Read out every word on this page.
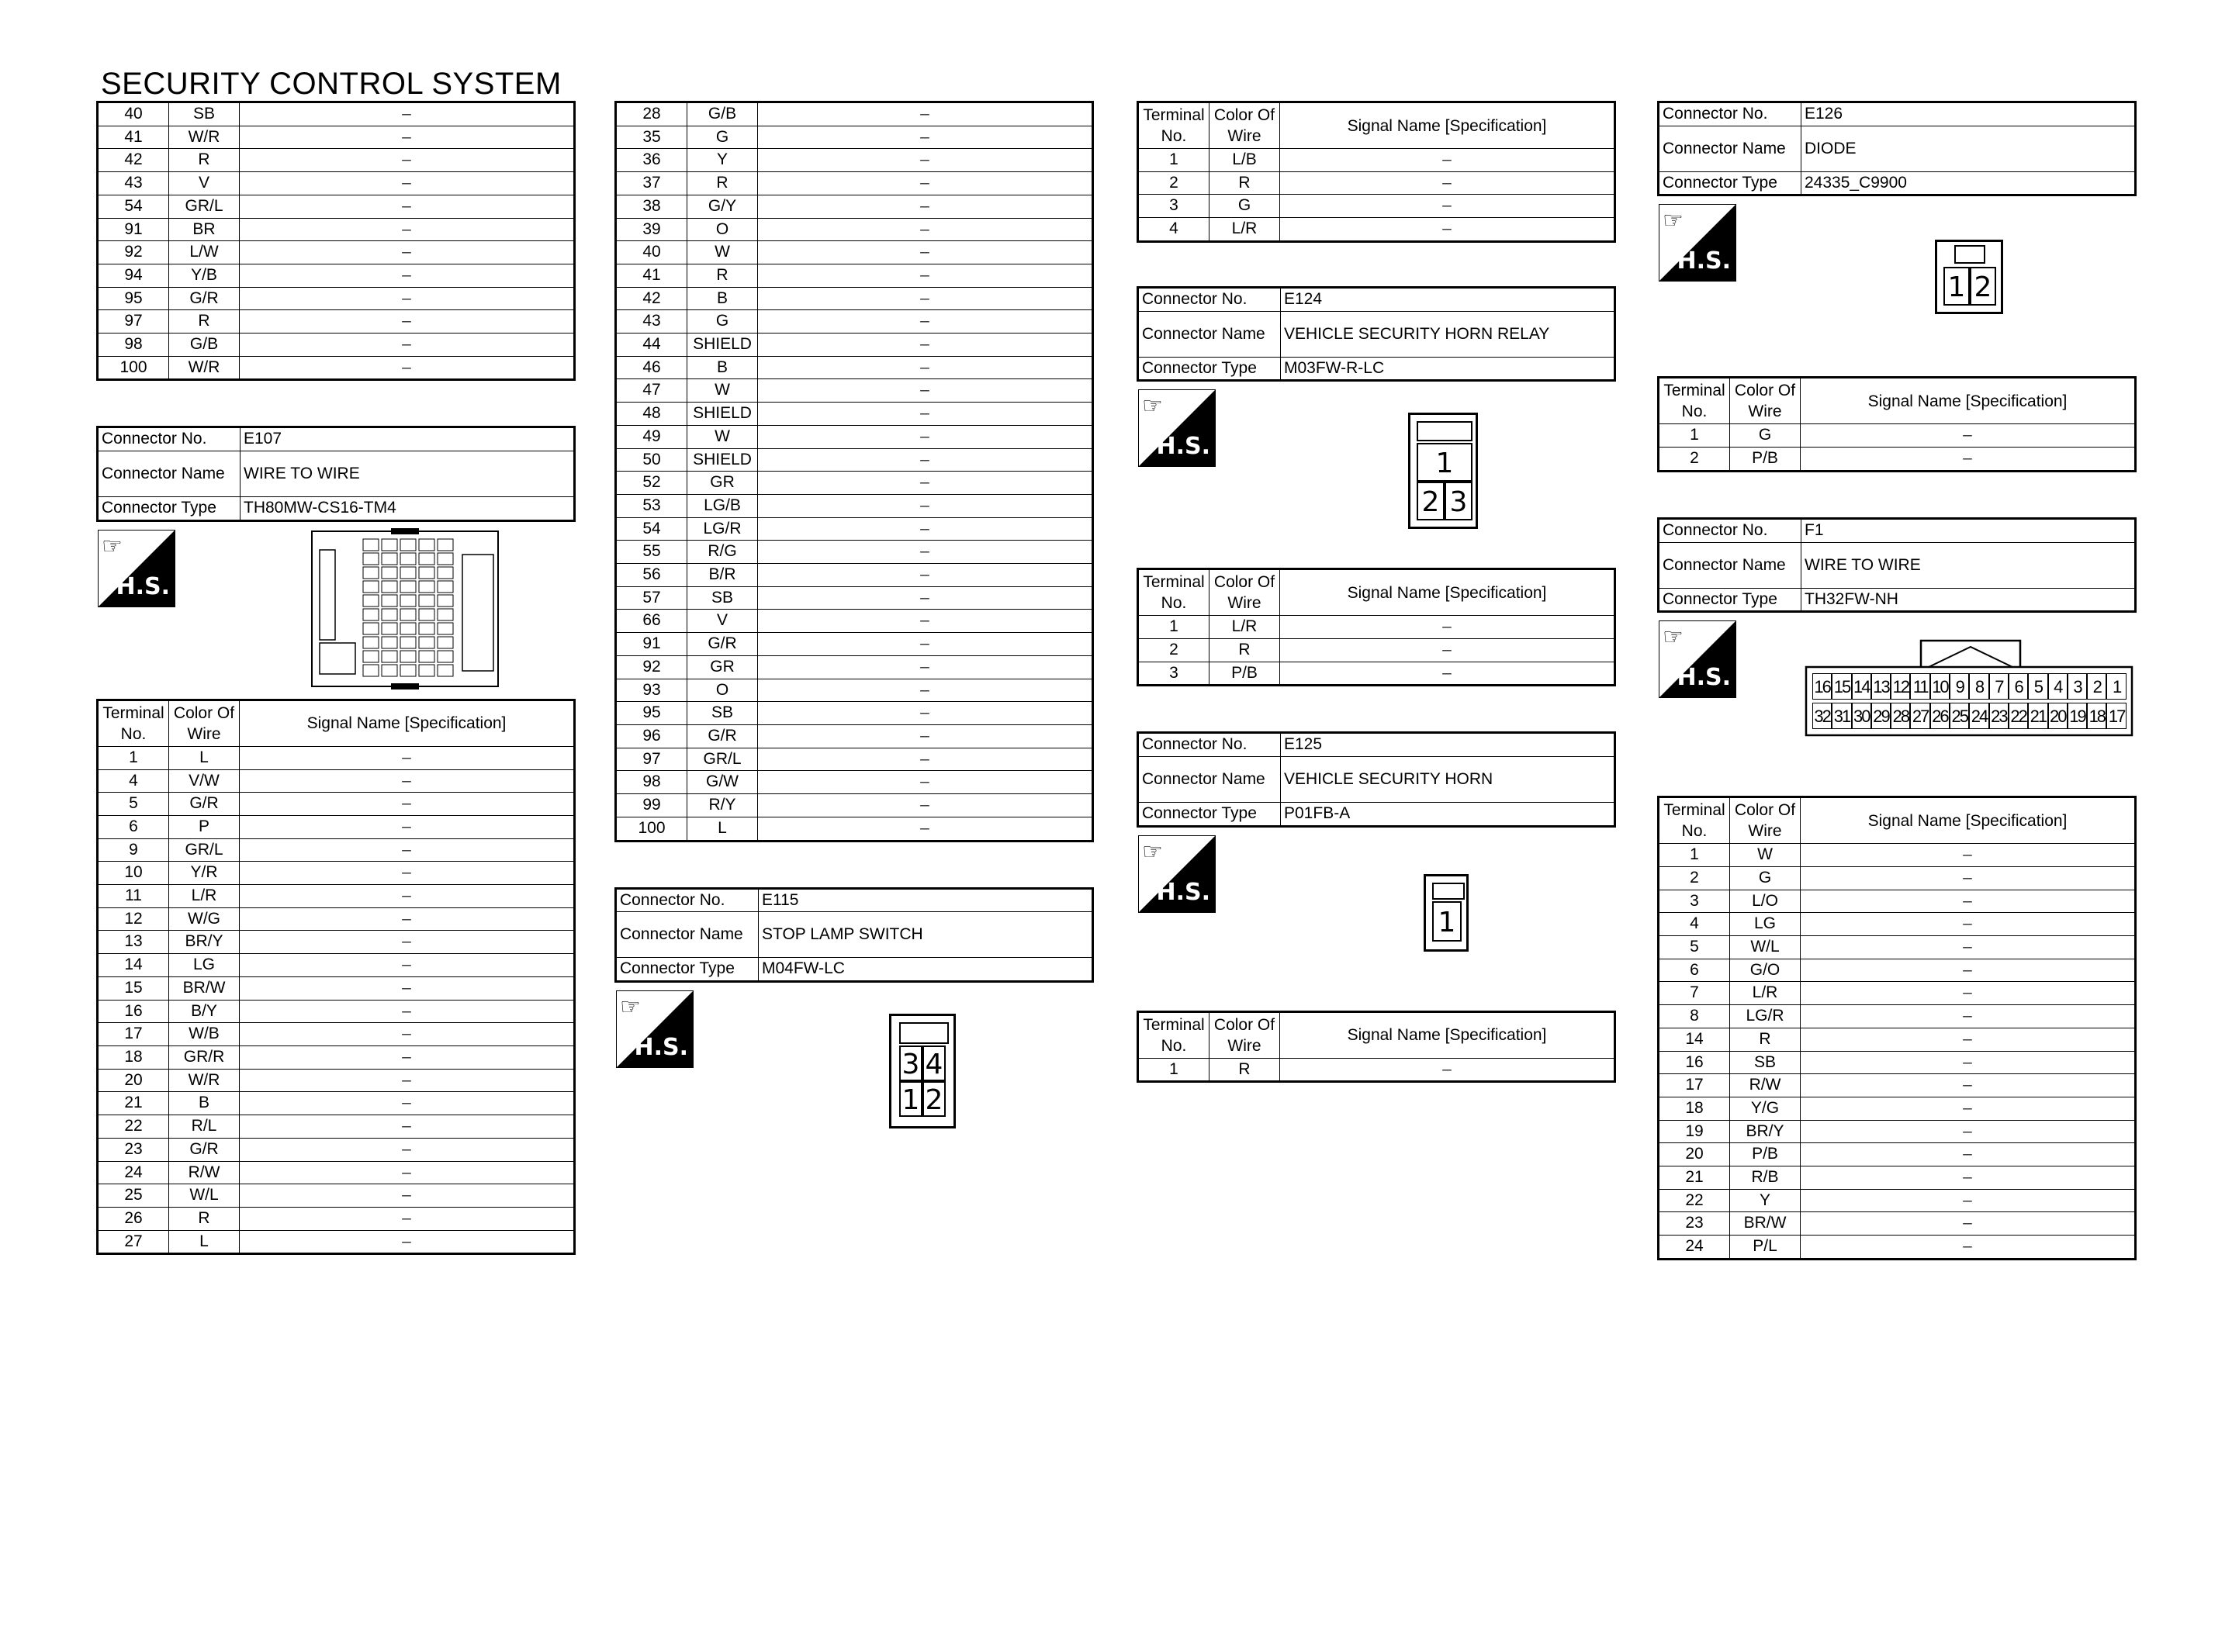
SECURITY CONTROL SYSTEM
40	SB	–
41	W/R	–
42	R	–
43	V	–
54	GR/L	–
91	BR	–
92	L/W	–
94	Y/B	–
95	G/R	–
97	R	–
98	G/B	–
100	W/R	–
Connector No.	E107
Connector Name	WIRE TO WIRE
Connector Type	TH80MW-CS16-TM4
☞
H.S.
Terminal No.	Color Of Wire	Signal Name [Specification]
1	L	–
4	V/W	–
5	G/R	–
6	P	–
9	GR/L	–
10	Y/R	–
11	L/R	–
12	W/G	–
13	BR/Y	–
14	LG	–
15	BR/W	–
16	B/Y	–
17	W/B	–
18	GR/R	–
20	W/R	–
21	B	–
22	R/L	–
23	G/R	–
24	R/W	–
25	W/L	–
26	R	–
27	L	–
28	G/B	–
35	G	–
36	Y	–
37	R	–
38	G/Y	–
39	O	–
40	W	–
41	R	–
42	B	–
43	G	–
44	SHIELD	–
46	B	–
47	W	–
48	SHIELD	–
49	W	–
50	SHIELD	–
52	GR	–
53	LG/B	–
54	LG/R	–
55	R/G	–
56	B/R	–
57	SB	–
66	V	–
91	G/R	–
92	GR	–
93	O	–
95	SB	–
96	G/R	–
97	GR/L	–
98	G/W	–
99	R/Y	–
100	L	–
Connector No.	E115
Connector Name	STOP LAMP SWITCH
Connector Type	M04FW-LC
☞
H.S.
3 4
1 2
Terminal No.	Color Of Wire	Signal Name [Specification]
1	L/B	–
2	R	–
3	G	–
4	L/R	–
Connector No.	E124
Connector Name	VEHICLE SECURITY HORN RELAY
Connector Type	M03FW-R-LC
☞
H.S.
1
2 3
Terminal No.	Color Of Wire	Signal Name [Specification]
1	L/R	–
2	R	–
3	P/B	–
Connector No.	E125
Connector Name	VEHICLE SECURITY HORN
Connector Type	P01FB-A
☞
H.S.
1
Terminal No.	Color Of Wire	Signal Name [Specification]
1	R	–
Connector No.	E126
Connector Name	DIODE
Connector Type	24335_C9900
☞
H.S.
1 2
Terminal No.	Color Of Wire	Signal Name [Specification]
1	G	–
2	P/B	–
Connector No.	F1
Connector Name	WIRE TO WIRE
Connector Type	TH32FW-NH
☞
H.S.	16 15 14 13 12 11 10 9 8 7 6 5 4 3 2 1
32 31 30 29 28 27 26 25 24 23 22 21 20 19 18 17
Terminal No.	Color Of Wire	Signal Name [Specification]
1	W	–
2	G	–
3	L/O	–
4	LG	–
5	W/L	–
6	G/O	–
7	L/R	–
8	LG/R	–
14	R	–
16	SB	–
17	R/W	–
18	Y/G	–
19	BR/Y	–
20	P/B	–
21	R/B	–
22	Y	–
23	BR/W	–
24	P/L	–
